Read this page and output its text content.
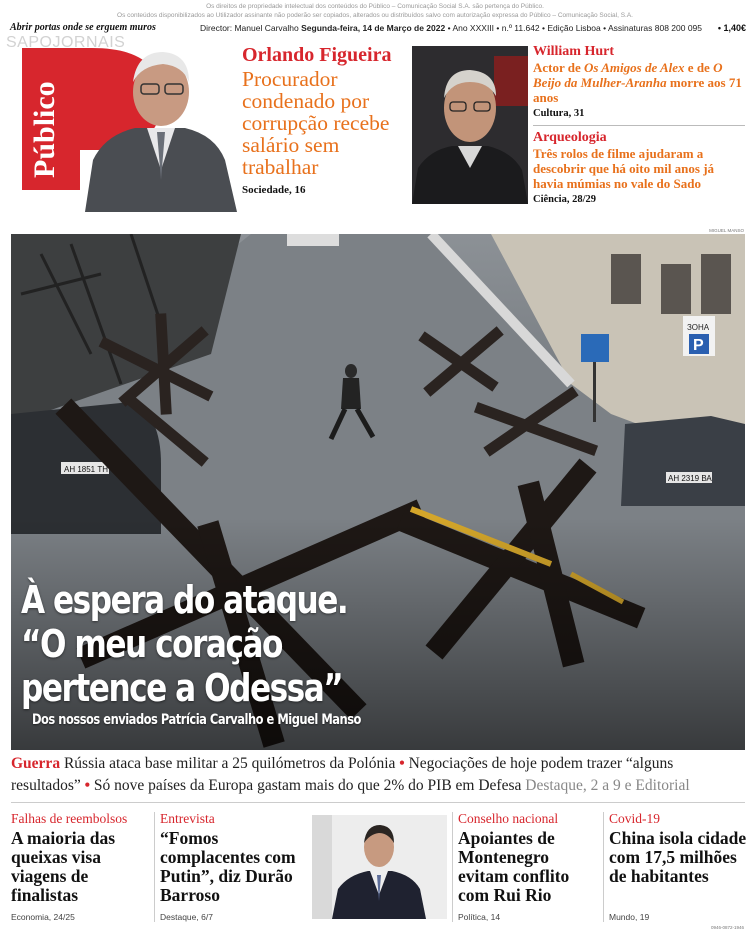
Os direitos de propriedade intelectual dos conteúdos do Público – Comunicação Social S.A. são pertença do Público.
Os conteúdos disponibilizados ao Utilizador assinante não poderão ser copiados, alterados ou distribuídos salvo com autorização expressa do Público – Comunicação Social, S.A.
Abrir portas onde se erguem muros	Director: Manuel Carvalho Segunda-feira, 14 de Março de 2022 • Ano XXXIII • n.º 11.642 • Edição Lisboa • Assinaturas 808 200 095 • 1,40€
Público
SAPOJORNAIS
Orlando Figueira
Procurador condenado por corrupção recebe salário sem trabalhar
Sociedade, 16
William Hurt
Actor de Os Amigos de Alex e de O Beijo da Mulher-Aranha morre aos 71 anos
Cultura, 31
Arqueologia
Três rolos de filme ajudaram a descobrir que há oito mil anos já havia múmias no vale do Sado
Ciência, 28/29
MIGUEL MANSO
À espera do ataque.
“O meu coração
pertence a Odessa”
Dos nossos enviados Patrícia Carvalho e Miguel Manso
Guerra Rússia ataca base militar a 25 quilómetros da Polónia • Negociações de hoje podem trazer “alguns resultados” • Só nove países da Europa gastam mais do que 2% do PIB em Defesa Destaque, 2 a 9 e Editorial
Falhas de reembolsos
A maioria das queixas visa viagens de finalistas
Economia, 24/25
Entrevista
“Fomos complacentes com Putin”, diz Durão Barroso
Destaque, 6/7
Conselho nacional
Apoiantes de Montenegro evitam conflito com Rui Rio
Política, 14
Covid-19
China isola cidade com 17,5 milhões de habitantes
Mundo, 19
0946-0872-1946
